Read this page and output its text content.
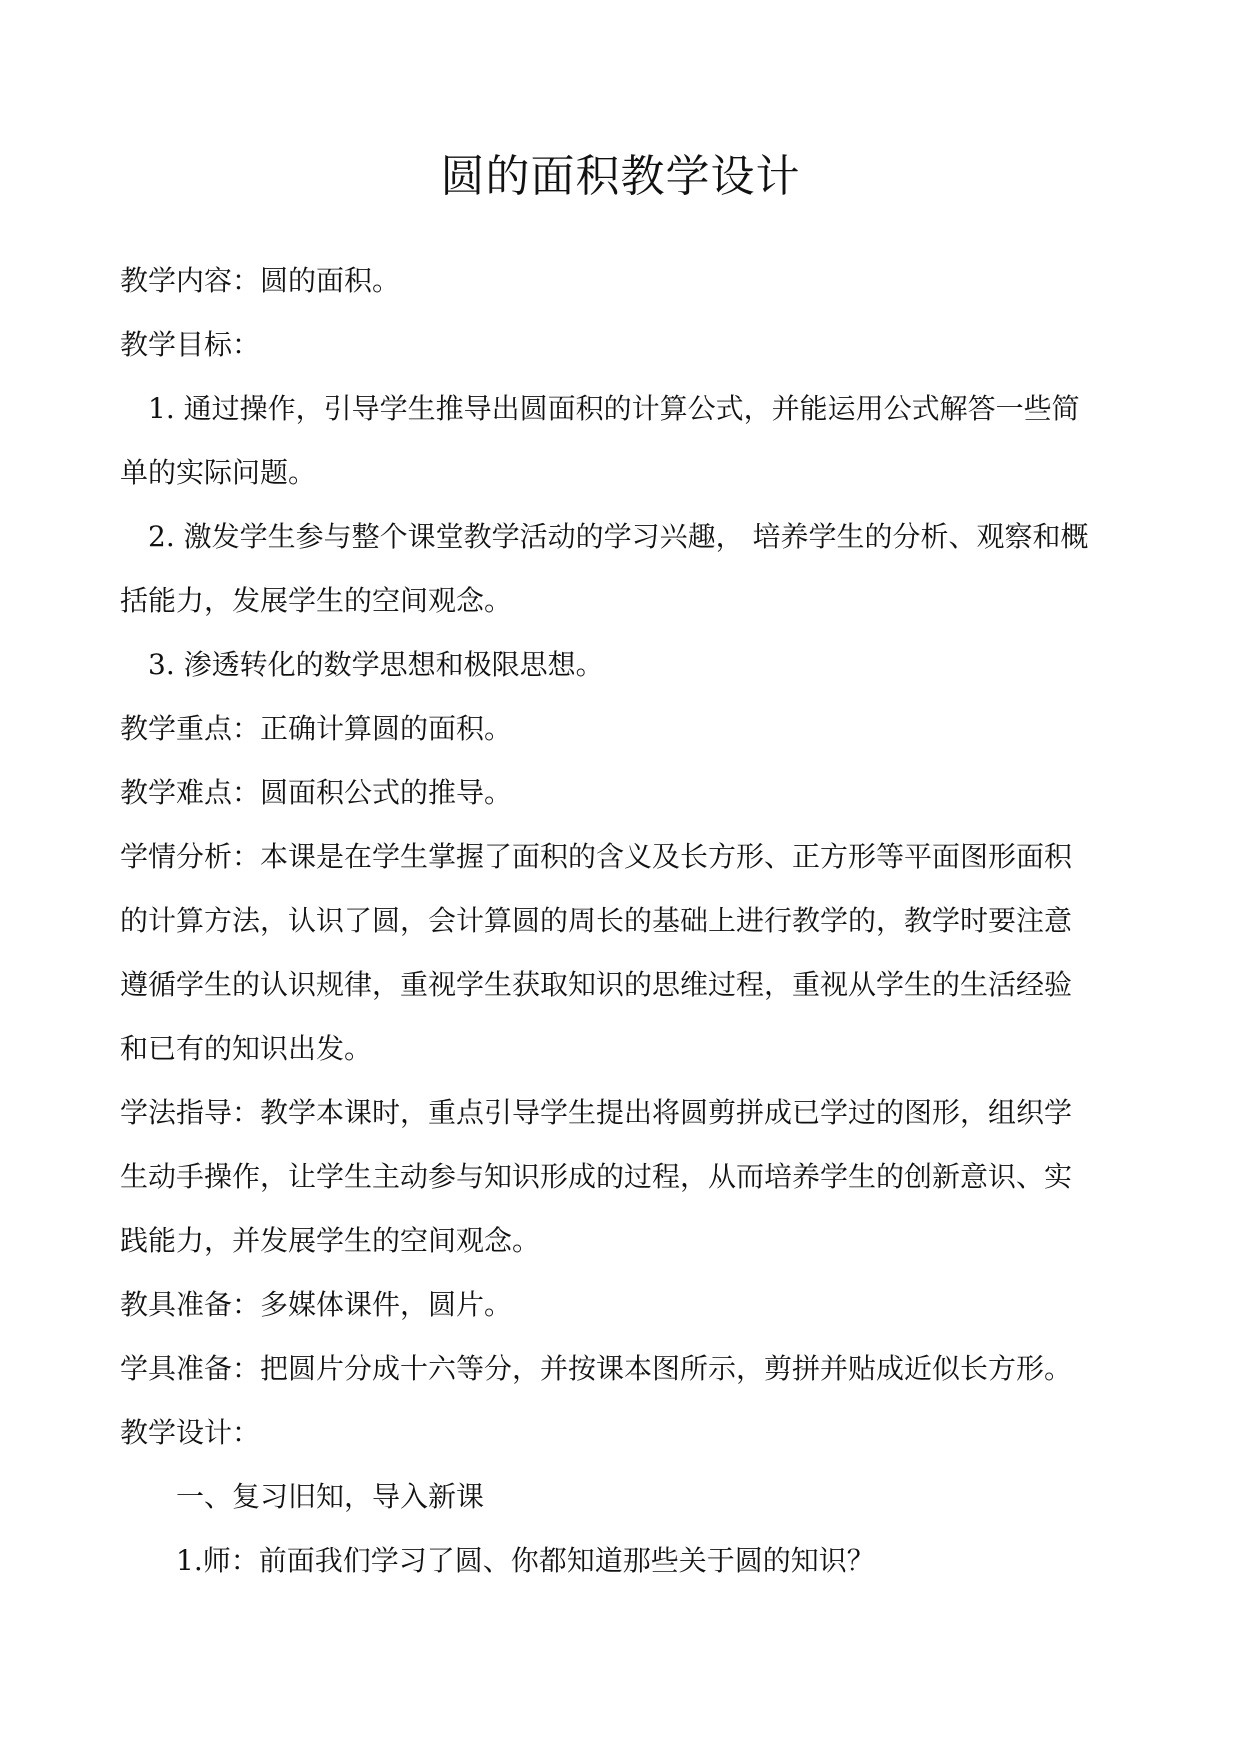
圆的面积教学设计
教学内容：圆的面积。
教学目标：
1. 通过操作，引导学生推导出圆面积的计算公式，并能运用公式解答一些简
单的实际问题。
2. 激发学生参与整个课堂教学活动的学习兴趣， 培养学生的分析、观察和概
括能力，发展学生的空间观念。
3. 渗透转化的数学思想和极限思想。
教学重点：正确计算圆的面积。
教学难点：圆面积公式的推导。
学情分析：本课是在学生掌握了面积的含义及长方形、正方形等平面图形面积
的计算方法，认识了圆，会计算圆的周长的基础上进行教学的，教学时要注意
遵循学生的认识规律，重视学生获取知识的思维过程，重视从学生的生活经验
和已有的知识出发。
学法指导：教学本课时，重点引导学生提出将圆剪拼成已学过的图形，组织学
生动手操作，让学生主动参与知识形成的过程，从而培养学生的创新意识、实
践能力，并发展学生的空间观念。
教具准备：多媒体课件，圆片。
学具准备：把圆片分成十六等分，并按课本图所示，剪拼并贴成近似长方形。
教学设计：
一、复习旧知，导入新课
1.师：前面我们学习了圆、你都知道那些关于圆的知识？
